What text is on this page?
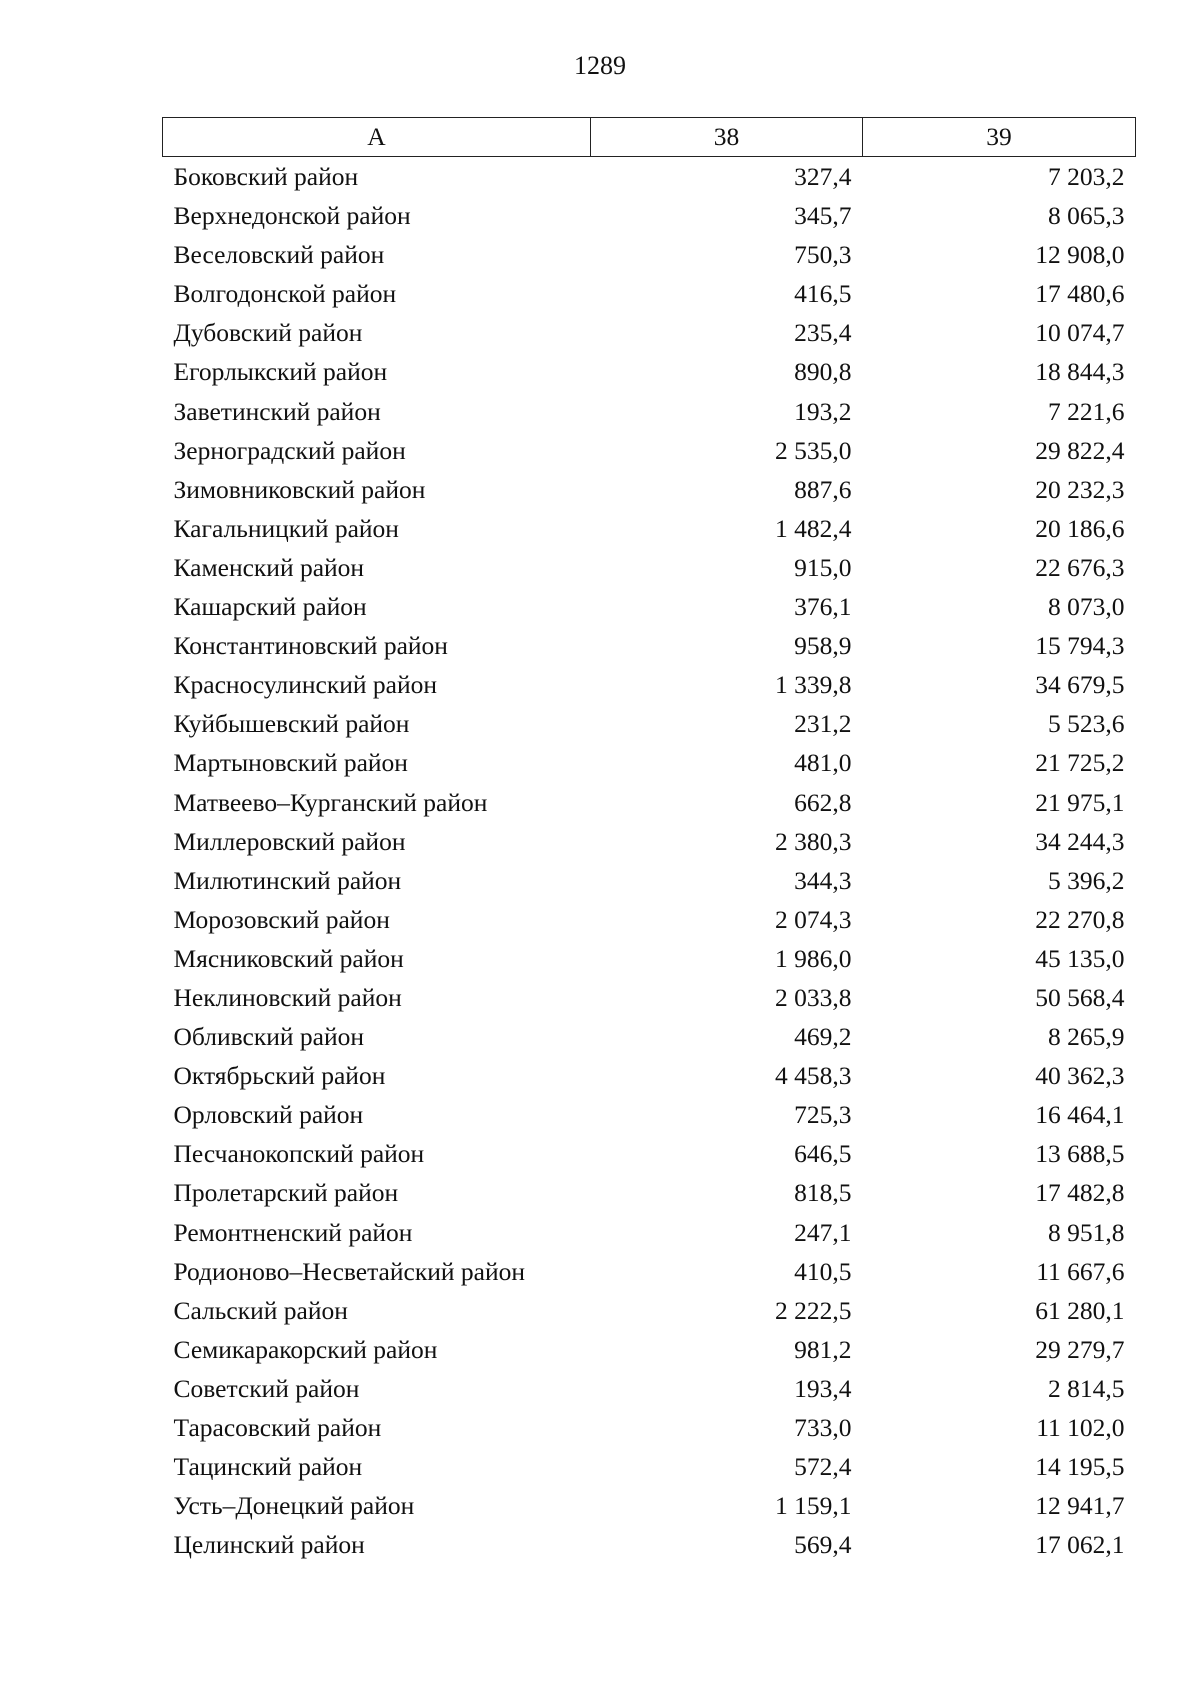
1289
А	38	39
Боковский район	327,4	7 203,2
Верхнедонской район	345,7	8 065,3
Веселовский район	750,3	12 908,0
Волгодонской район	416,5	17 480,6
Дубовский район	235,4	10 074,7
Егорлыкский район	890,8	18 844,3
Заветинский район	193,2	7 221,6
Зерноградский район	2 535,0	29 822,4
Зимовниковский район	887,6	20 232,3
Кагальницкий район	1 482,4	20 186,6
Каменский район	915,0	22 676,3
Кашарский район	376,1	8 073,0
Константиновский район	958,9	15 794,3
Красносулинский район	1 339,8	34 679,5
Куйбышевский район	231,2	5 523,6
Мартыновский район	481,0	21 725,2
Матвеево–Курганский район	662,8	21 975,1
Миллеровский район	2 380,3	34 244,3
Милютинский район	344,3	5 396,2
Морозовский район	2 074,3	22 270,8
Мясниковский район	1 986,0	45 135,0
Неклиновский район	2 033,8	50 568,4
Обливский район	469,2	8 265,9
Октябрьский район	4 458,3	40 362,3
Орловский район	725,3	16 464,1
Песчанокопский район	646,5	13 688,5
Пролетарский район	818,5	17 482,8
Ремонтненский район	247,1	8 951,8
Родионово–Несветайский район	410,5	11 667,6
Сальский район	2 222,5	61 280,1
Семикаракорский район	981,2	29 279,7
Советский район	193,4	2 814,5
Тарасовский район	733,0	11 102,0
Тацинский район	572,4	14 195,5
Усть–Донецкий район	1 159,1	12 941,7
Целинский район	569,4	17 062,1
